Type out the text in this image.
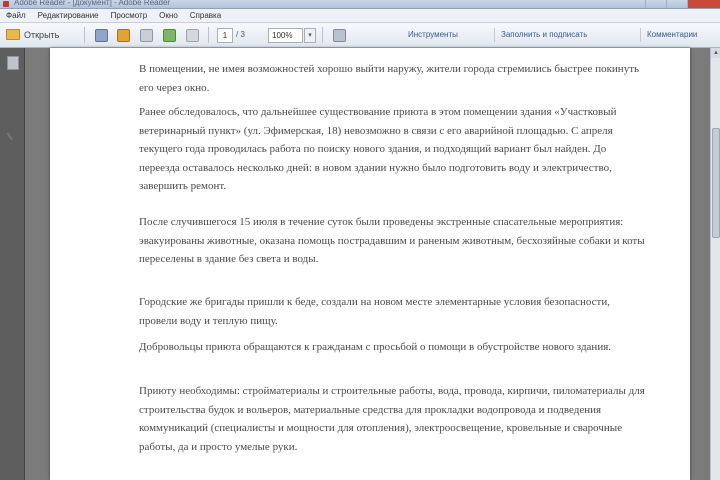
Adobe Reader - [документ] - Adobe Reader
Файл	Редактирование	Просмотр	Окно	Справка
Открыть	1	/ 3	100%	▾	Инструменты	Заполнить и подписать	Комментарии

В помещении, не имея возможностей хорошо выйти наружу, жители города стремились быстрее покинуть его через окно.

Ранее обследовалось, что дальнейшее существование приюта в этом помещении здания «Участковый ветеринарный пункт» (ул. Эфимерская, 18) невозможно в связи с его аварийной площадью. С апреля текущего года проводилась работа по поиску нового здания, и подходящий вариант был найден. До переезда оставалось несколько дней: в новом здании нужно было подготовить воду и электричество, завершить ремонт.

После случившегося 15 июля в течение суток были проведены экстренные спасательные мероприятия: эвакуированы животные, оказана помощь пострадавшим и раненым животным, бесхозяйные собаки и коты переселены в здание без света и воды.

Городские же бригады пришли к беде, создали на новом месте элементарные условия безопасности, провели воду и теплую пищу.

Добровольцы приюта обращаются к гражданам с просьбой о помощи в обустройстве нового здания.

Приюту необходимы: стройматериалы и строительные работы, вода, провода, кирпичи, пиломатериалы для строительства будок и вольеров, материальные средства для прокладки водопровода и подведения коммуникаций (специалисты и мощности для отопления), электроосвещение, кровельные и сварочные работы, да и просто умелые руки.

▲
